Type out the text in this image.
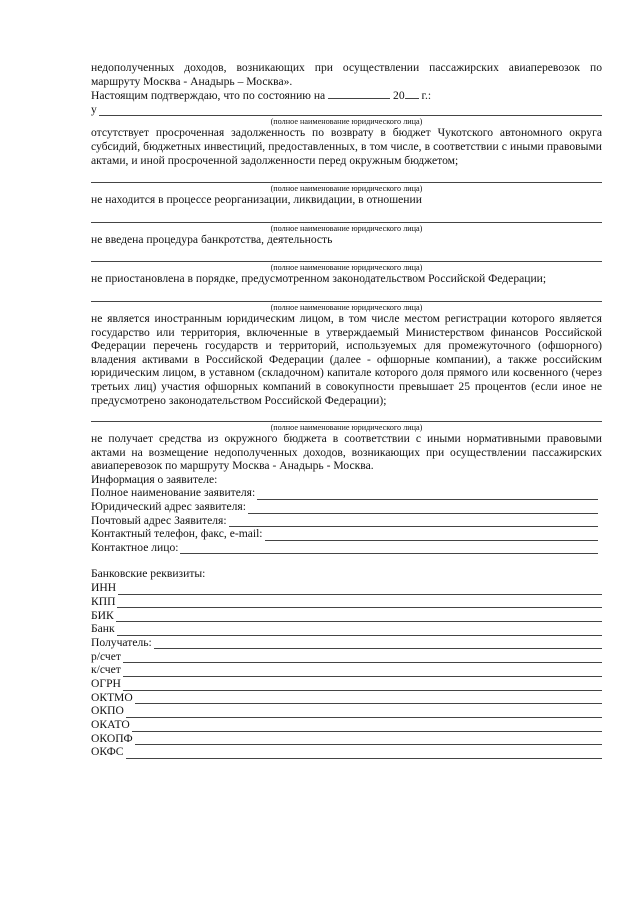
недополученных доходов, возникающих при осуществлении пассажирских авиаперевозок по маршруту Москва - Анадырь – Москва».

Настоящим подтверждаю, что по состоянию на	20 г.:

у
(полное наименование юридического лица)

отсутствует просроченная задолженность по возврату в бюджет Чукотского автономного округа субсидий, бюджетных инвестиций, предоставленных, в том числе, в соответствии с иными правовыми актами, и иной просроченной задолженности перед окружным бюджетом;

(полное наименование юридического лица)

не находится в процессе реорганизации, ликвидации, в отношении

(полное наименование юридического лица)

не введена процедура банкротства, деятельность

(полное наименование юридического лица)

не приостановлена в порядке, предусмотренном законодательством Российской Федерации;

(полное наименование юридического лица)

не является иностранным юридическим лицом, в том числе местом регистрации которого является государство или территория, включенные в утверждаемый Министерством финансов Российской Федерации перечень государств и территорий, используемых для промежуточного (офшорного) владения активами в Российской Федерации (далее - офшорные компании), а также российским юридическим лицом, в уставном (складочном) капитале которого доля прямого или косвенного (через третьих лиц) участия офшорных компаний в совокупности превышает 25 процентов (если иное не предусмотрено законодательством Российской Федерации);

(полное наименование юридического лица)

не получает средства из окружного бюджета в соответствии с иными нормативными правовыми актами на возмещение недополученных доходов, возникающих при осуществлении пассажирских авиаперевозок по маршруту Москва - Анадырь - Москва.

Информация о заявителе:

Полное наименование заявителя:
Юридический адрес заявителя:
Почтовый адрес Заявителя:
Контактный телефон, факс, e-mail:
Контактное лицо:

Банковские реквизиты:

ИНН
КПП
БИК
Банк
Получатель:
р/счет
к/счет
ОГРН
ОКТМО
ОКПО
ОКАТО
ОКОПФ
ОКФС
